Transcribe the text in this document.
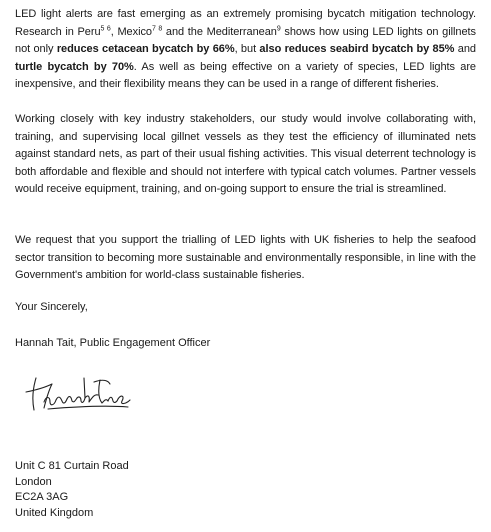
LED light alerts are fast emerging as an extremely promising bycatch mitigation technology. Research in Peru$^{5 6}$, Mexico$^{7 8}$ and the Mediterranean$^9$ shows how using LED lights on gillnets not only reduces cetacean bycatch by 66%, but also reduces seabird bycatch by 85% and turtle bycatch by 70%. As well as being effective on a variety of species, LED lights are inexpensive, and their flexibility means they can be used in a range of different fisheries.

Working closely with key industry stakeholders, our study would involve collaborating with, training, and supervising local gillnet vessels as they test the efficiency of illuminated nets against standard nets, as part of their usual fishing activities. This visual deterrent technology is both affordable and flexible and should not interfere with typical catch volumes. Partner vessels would receive equipment, training, and on-going support to ensure the trial is streamlined.

We request that you support the trialling of LED lights with UK fisheries to help the seafood sector transition to becoming more sustainable and environmentally responsible, in line with the Government's ambition for world-class sustainable fisheries.

Your Sincerely,

Hannah Tait, Public Engagement Officer

Unit C 81 Curtain Road
London
EC2A 3AG
United Kingdom
